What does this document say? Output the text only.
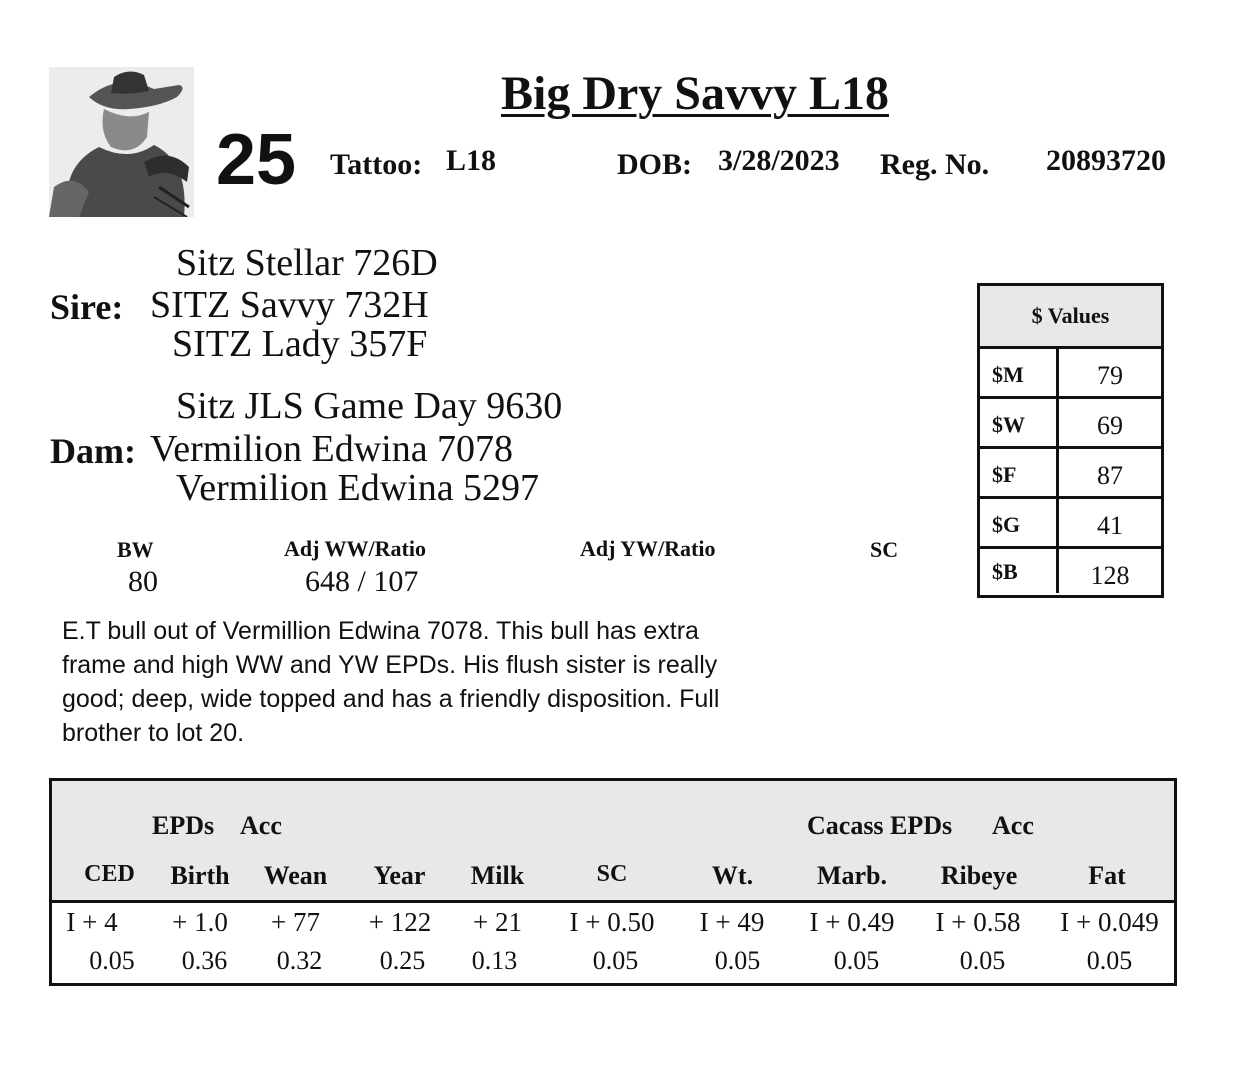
Big Dry Savvy L18
25 Tattoo: L18	DOB: 3/28/2023 Reg. No. 20893720
Sitz Stellar 726D
Sire: SITZ Savvy 732H
SITZ Lady 357F
Sitz JLS Game Day 9630
Dam: Vermilion Edwina 7078
Vermilion Edwina 5297
BW
80
Adj WW/Ratio
648 / 107
Adj YW/Ratio	SC
E.T bull out of Vermillion Edwina 7078. This bull has extra frame and high WW and YW EPDs. His flush sister is really good; deep, wide topped and has a friendly disposition. Full brother to lot 20.
$ Values
$M	79
$W	69
$F	87
$G	41
$B	128
EPDs Acc	Cacass EPDs Acc
CED	Birth	Wean	Year	Milk	SC	Wt.	Marb.	Ribeye	Fat
I + 4	+ 1.0	+ 77	+ 122	+ 21	I + 0.50	I + 49	I + 0.49	I + 0.58	I + 0.049
0.05	0.36	0.32	0.25	0.13	0.05	0.05	0.05	0.05	0.05
